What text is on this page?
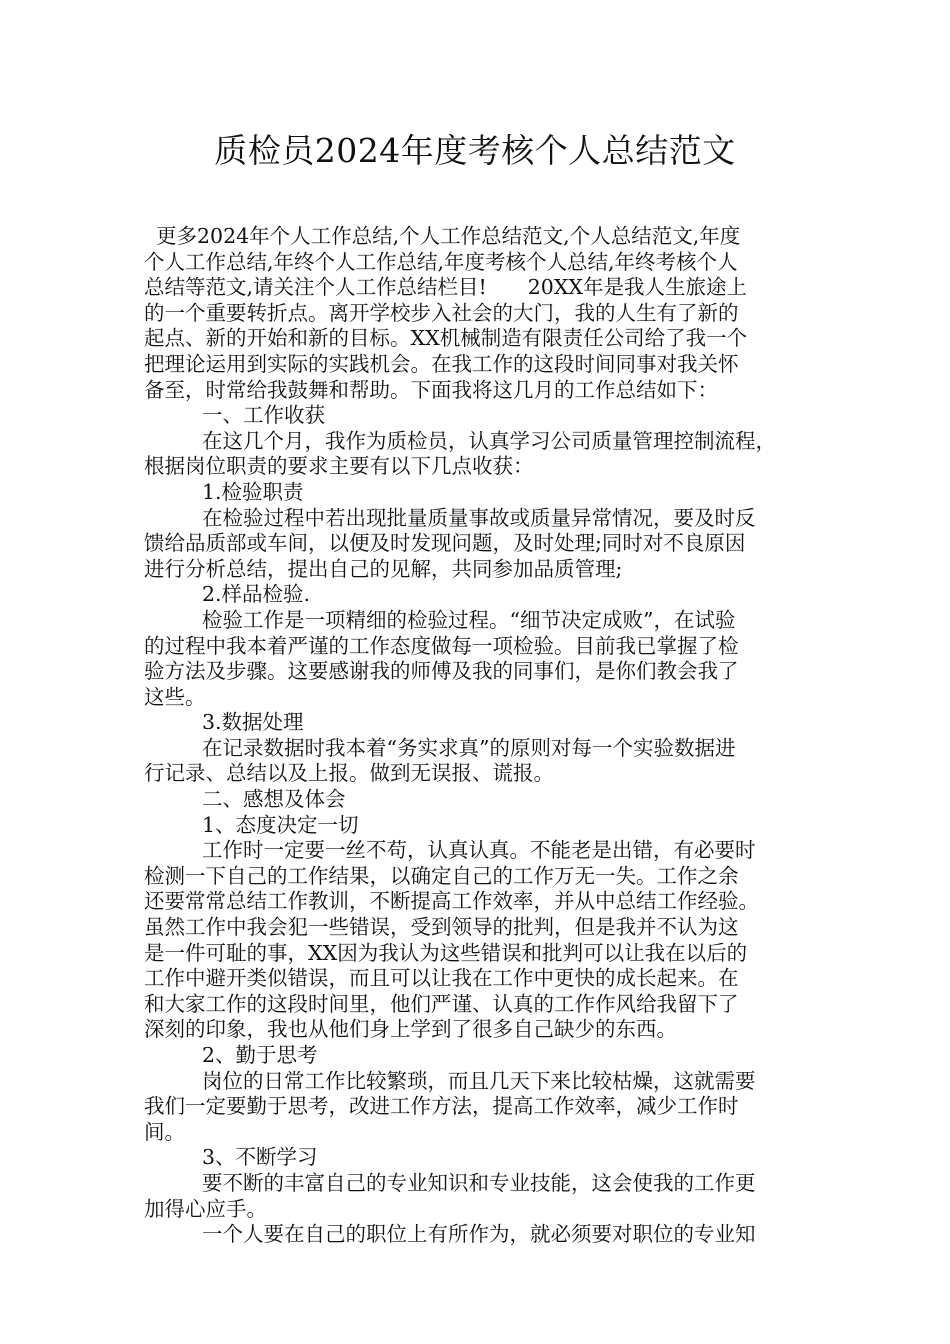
质检员2024年度考核个人总结范文
更多2024年个人工作总结,个人工作总结范文,个人总结范文,年度
个人工作总结,年终个人工作总结,年度考核个人总结,年终考核个人
总结等范文,请关注个人工作总结栏目!　　20XX年是我人生旅途上
的一个重要转折点。离开学校步入社会的大门，我的人生有了新的
起点、新的开始和新的目标。XX机械制造有限责任公司给了我一个
把理论运用到实际的实践机会。在我工作的这段时间同事对我关怀
备至，时常给我鼓舞和帮助。下面我将这几月的工作总结如下：
一、工作收获
在这几个月，我作为质检员，认真学习公司质量管理控制流程，
根据岗位职责的要求主要有以下几点收获：
1.检验职责
在检验过程中若出现批量质量事故或质量异常情况，要及时反
馈给品质部或车间，以便及时发现问题，及时处理;同时对不良原因
进行分析总结，提出自己的见解，共同参加品质管理;
2.样品检验.
检验工作是一项精细的检验过程。“细节决定成败”，在试验
的过程中我本着严谨的工作态度做每一项检验。目前我已掌握了检
验方法及步骤。这要感谢我的师傅及我的同事们，是你们教会我了
这些。
3.数据处理
在记录数据时我本着“务实求真”的原则对每一个实验数据进
行记录、总结以及上报。做到无误报、谎报。
二、感想及体会
1、态度决定一切
工作时一定要一丝不苟，认真认真。不能老是出错，有必要时
检测一下自己的工作结果，以确定自己的工作万无一失。工作之余
还要常常总结工作教训，不断提高工作效率，并从中总结工作经验。
虽然工作中我会犯一些错误，受到领导的批判，但是我并不认为这
是一件可耻的事，XX因为我认为这些错误和批判可以让我在以后的
工作中避开类似错误，而且可以让我在工作中更快的成长起来。在
和大家工作的这段时间里，他们严谨、认真的工作作风给我留下了
深刻的印象，我也从他们身上学到了很多自己缺少的东西。
2、勤于思考
岗位的日常工作比较繁琐，而且几天下来比较枯燥，这就需要
我们一定要勤于思考，改进工作方法，提高工作效率，减少工作时
间。
3、不断学习
要不断的丰富自己的专业知识和专业技能，这会使我的工作更
加得心应手。
一个人要在自己的职位上有所作为，就必须要对职位的专业知
